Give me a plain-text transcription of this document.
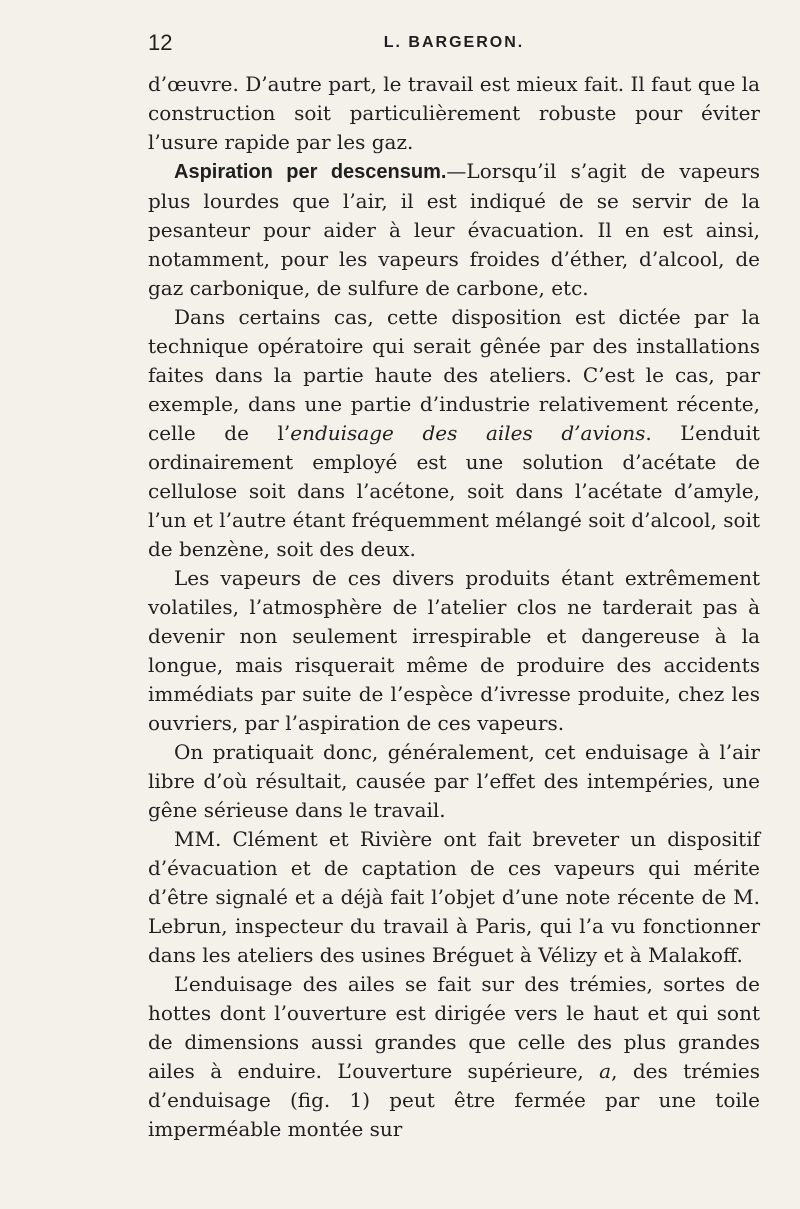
12	L. BARGERON.

d’œuvre. D’autre part, le travail est mieux fait. Il faut que la construction soit particulièrement robuste pour éviter l’usure rapide par les gaz.

Aspiration per descensum.—Lorsqu’il s’agit de vapeurs plus lourdes que l’air, il est indiqué de se servir de la pesanteur pour aider à leur évacuation. Il en est ainsi, notamment, pour les vapeurs froides d’éther, d’alcool, de gaz carbonique, de sulfure de carbone, etc.

Dans certains cas, cette disposition est dictée par la technique opératoire qui serait gênée par des installations faites dans la partie haute des ateliers. C’est le cas, par exemple, dans une partie d’industrie relativement récente, celle de l’enduisage des ailes d’avions. L’enduit ordinairement employé est une solution d’acétate de cellulose soit dans l’acétone, soit dans l’acétate d’amyle, l’un et l’autre étant fréquemment mélangé soit d’alcool, soit de benzène, soit des deux.

Les vapeurs de ces divers produits étant extrêmement volatiles, l’atmosphère de l’atelier clos ne tarderait pas à devenir non seulement irrespirable et dangereuse à la longue, mais risquerait même de produire des accidents immédiats par suite de l’espèce d’ivresse produite, chez les ouvriers, par l’aspiration de ces vapeurs.

On pratiquait donc, généralement, cet enduisage à l’air libre d’où résultait, causée par l’effet des intempéries, une gêne sérieuse dans le travail.

MM. Clément et Rivière ont fait breveter un dispositif d’évacuation et de captation de ces vapeurs qui mérite d’être signalé et a déjà fait l’objet d’une note récente de M. Lebrun, inspecteur du travail à Paris, qui l’a vu fonctionner dans les ateliers des usines Bréguet à Vélizy et à Malakoff.

L’enduisage des ailes se fait sur des trémies, sortes de hottes dont l’ouverture est dirigée vers le haut et qui sont de dimensions aussi grandes que celle des plus grandes ailes à enduire. L’ouverture supérieure, a, des trémies d’enduisage (fig. 1) peut être fermée par une toile imperméable montée sur
